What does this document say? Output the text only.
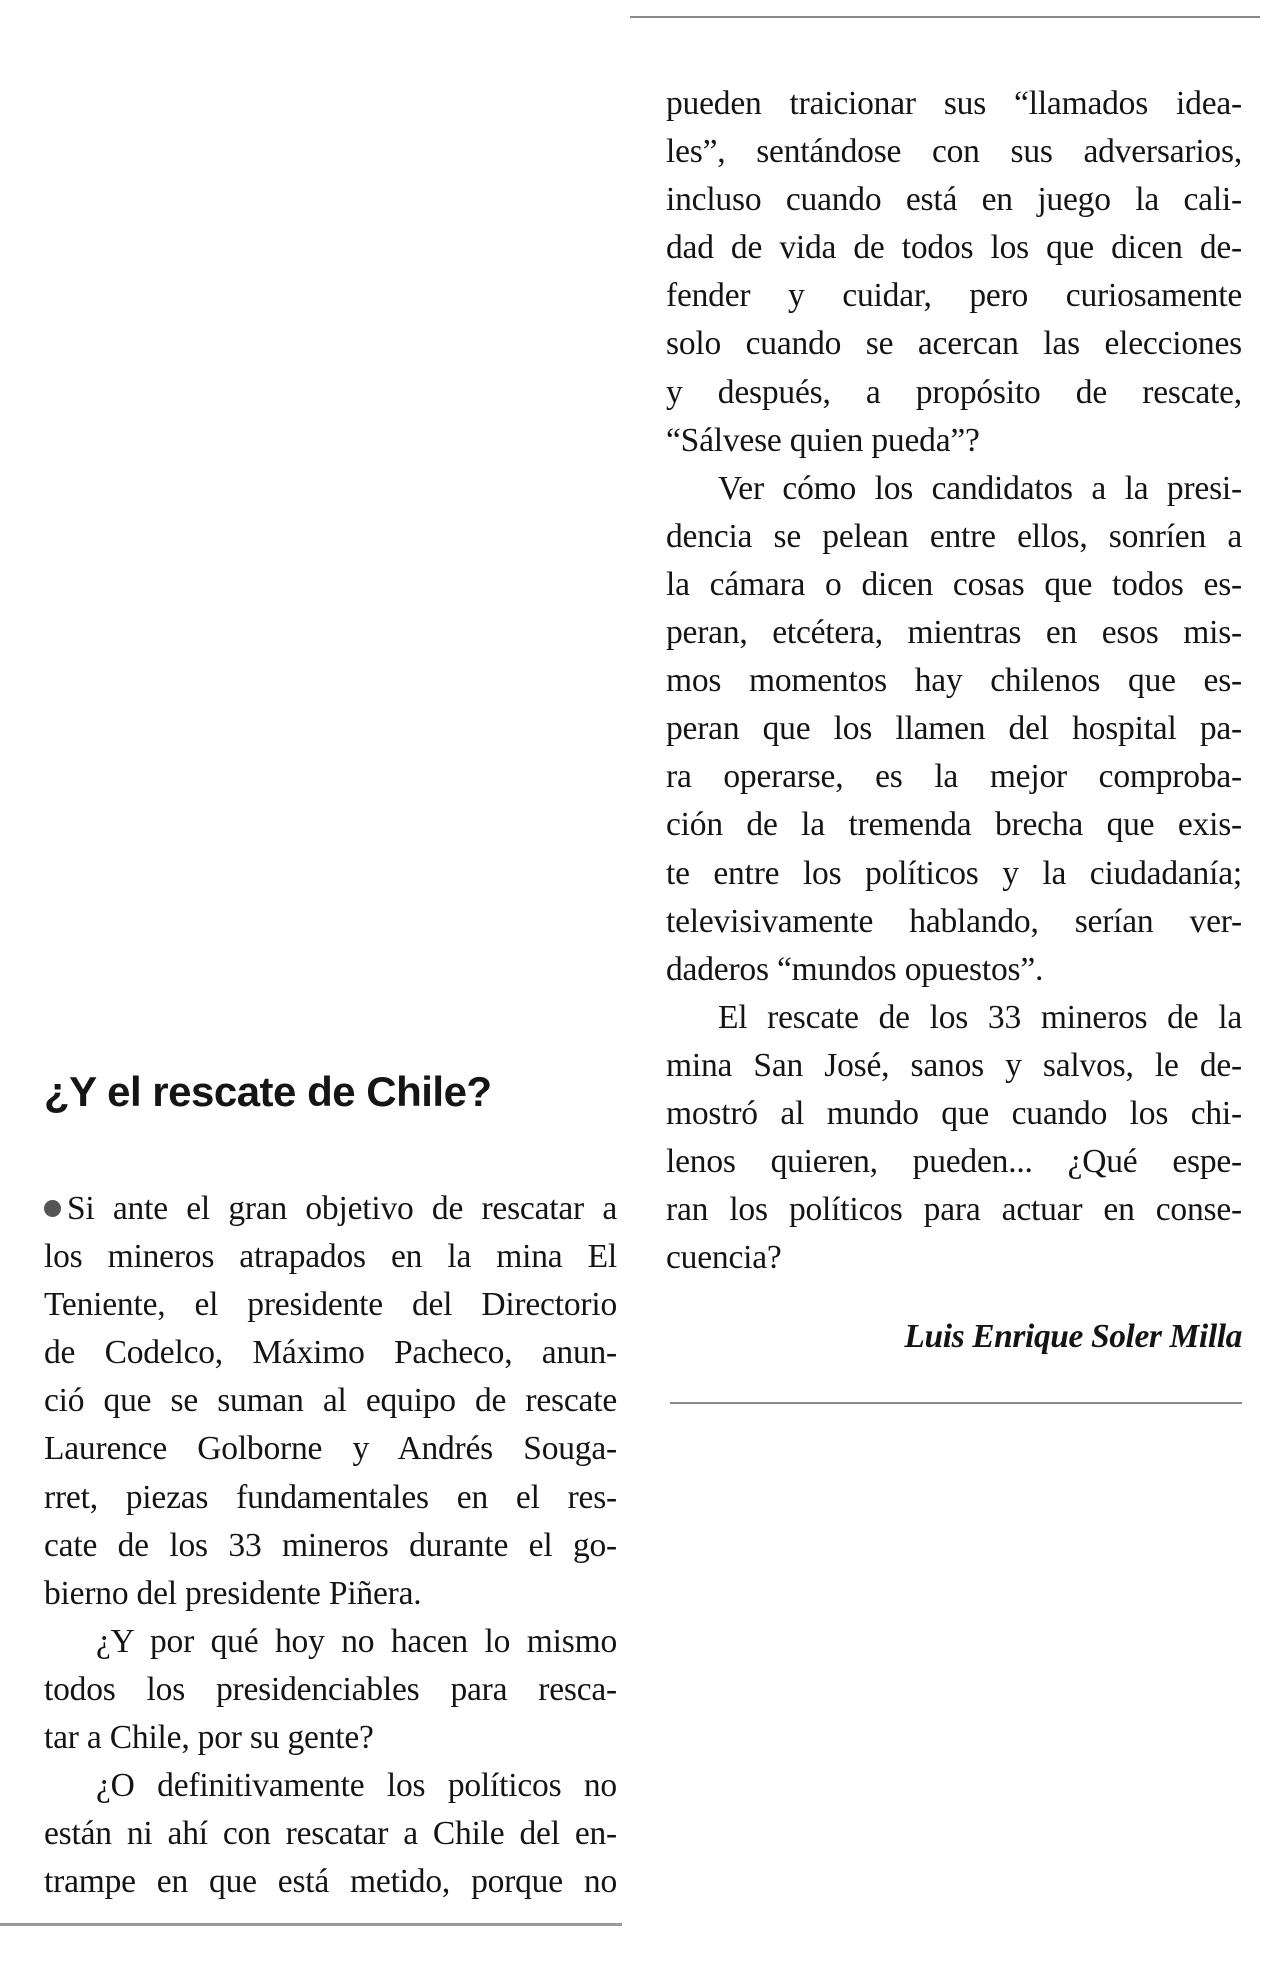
pueden traicionar sus “llamados idea-
les”, sentándose con sus adversarios,
incluso cuando está en juego la cali-
dad de vida de todos los que dicen de-
fender y cuidar, pero curiosamente
solo cuando se acercan las elecciones
y después, a propósito de rescate,
“Sálvese quien pueda”?
Ver cómo los candidatos a la presi-
dencia se pelean entre ellos, sonríen a
la cámara o dicen cosas que todos es-
peran, etcétera, mientras en esos mis-
mos momentos hay chilenos que es-
peran que los llamen del hospital pa-
ra operarse, es la mejor comproba-
ción de la tremenda brecha que exis-
te entre los políticos y la ciudadanía;
televisivamente hablando, serían ver-
daderos “mundos opuestos”.
El rescate de los 33 mineros de la
mina San José, sanos y salvos, le de-
mostró al mundo que cuando los chi-
lenos quieren, pueden... ¿Qué espe-
ran los políticos para actuar en conse-
cuencia?
Luis Enrique Soler Milla
¿Y el rescate de Chile?
Si ante el gran objetivo de rescatar a
los mineros atrapados en la mina El
Teniente, el presidente del Directorio
de Codelco, Máximo Pacheco, anun-
ció que se suman al equipo de rescate
Laurence Golborne y Andrés Souga-
rret, piezas fundamentales en el res-
cate de los 33 mineros durante el go-
bierno del presidente Piñera.
¿Y por qué hoy no hacen lo mismo
todos los presidenciables para resca-
tar a Chile, por su gente?
¿O definitivamente los políticos no
están ni ahí con rescatar a Chile del en-
trampe en que está metido, porque no
